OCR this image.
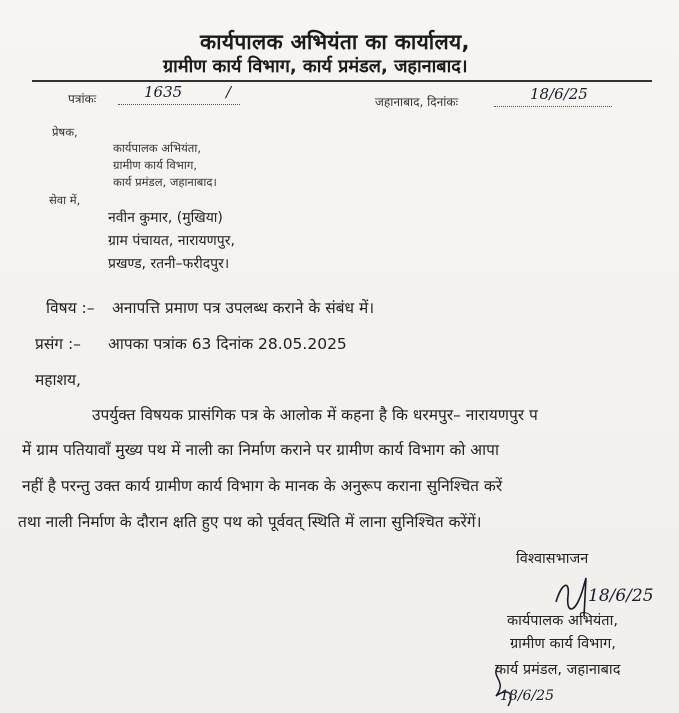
कार्यपालक अभियंता का कार्यालय,
ग्रामीण कार्य विभाग, कार्य प्रमंडल, जहानाबाद।
पत्रांकः	1635	/
जहानाबाद, दिनांकः	18/6/25
प्रेषक,
कार्यपालक अभियंता,
ग्रामीण कार्य विभाग,
कार्य प्रमंडल, जहानाबाद।
सेवा में,
नवीन कुमार, (मुखिया)
ग्राम पंचायत, नारायणपुर,
प्रखण्ड, रतनी–फरीदपुर।
विषय :– अनापत्ति प्रमाण पत्र उपलब्ध कराने के संबंध में।
प्रसंग :– आपका पत्रांक 63 दिनांक 28.05.2025
महाशय,
उपर्युक्त विषयक प्रासंगिक पत्र के आलोक में कहना है कि धरमपुर– नारायणपुर प
में ग्राम पतियावाँ मुख्य पथ में नाली का निर्माण कराने पर ग्रामीण कार्य विभाग को आपा
नहीं है परन्तु उक्त कार्य ग्रामीण कार्य विभाग के मानक के अनुरूप कराना सुनिश्चित करें
तथा नाली निर्माण के दौरान क्षति हुए पथ को पूर्ववत् स्थिति में लाना सुनिश्चित करेंगें।
विश्वासभाजन
18/6/25
कार्यपालक अभियंता,
ग्रामीण कार्य विभाग,
कार्य प्रमंडल, जहानाबाद
18/6/25
